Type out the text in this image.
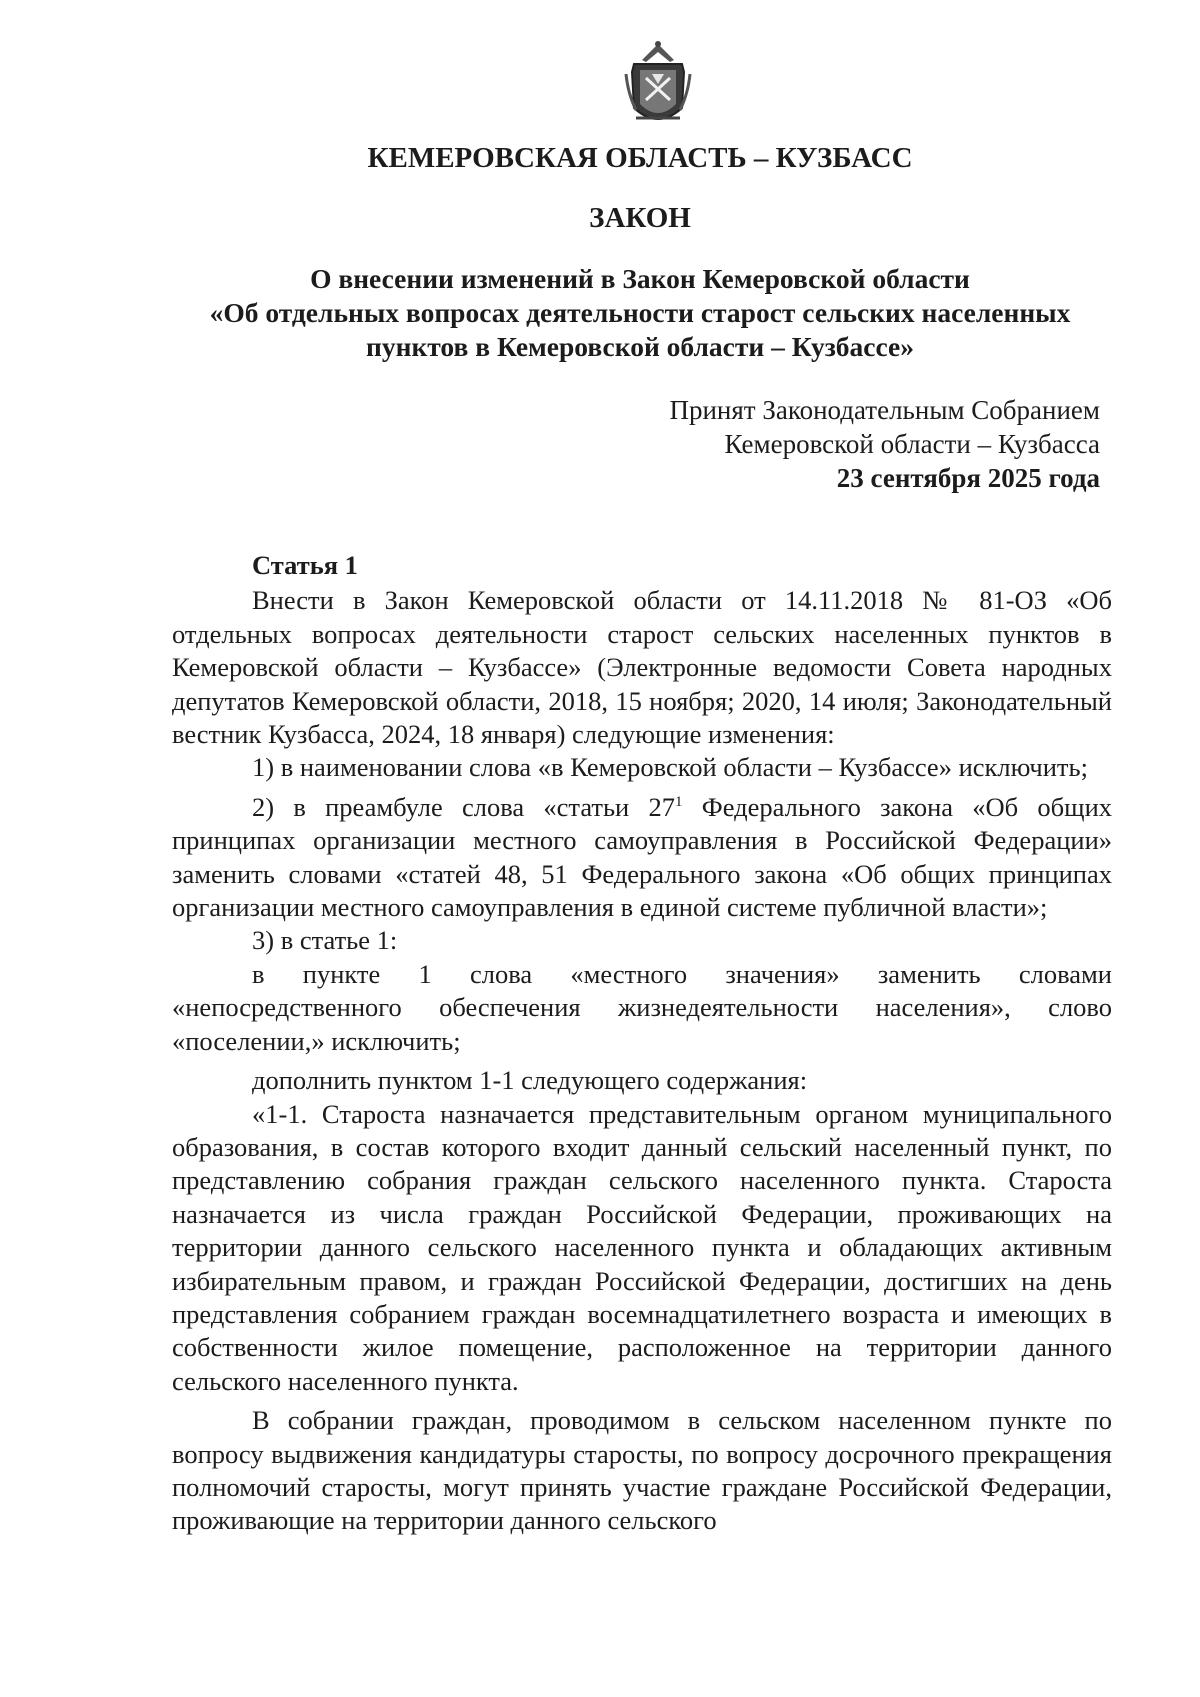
КЕМЕРОВСКАЯ ОБЛАСТЬ – КУЗБАСС
ЗАКОН
О внесении изменений в Закон Кемеровской области
«Об отдельных вопросах деятельности старост сельских населенных
пунктов в Кемеровской области – Кузбассе»
Принят Законодательным Собранием
Кемеровской области – Кузбасса
23 сентября 2025 года

Статья 1

Внести в Закон Кемеровской области от 14.11.2018 № 81-ОЗ «Об отдельных вопросах деятельности старост сельских населенных пунктов в Кемеровской области – Кузбассе» (Электронные ведомости Совета народных депутатов Кемеровской области, 2018, 15 ноября; 2020, 14 июля; Законодательный вестник Кузбасса, 2024, 18 января) следующие изменения:

1) в наименовании слова «в Кемеровской области – Кузбассе» исключить;

2) в преамбуле слова «статьи $27^1$ Федерального закона «Об общих принципах организации местного самоуправления в Российской Федерации» заменить словами «статей 48, 51 Федерального закона «Об общих принципах организации местного самоуправления в единой системе публичной власти»;

3) в статье 1:

в пункте 1 слова «местного значения» заменить словами «непосредственного обеспечения жизнедеятельности населения», слово «поселении,» исключить;

дополнить пунктом 1-1 следующего содержания:

«1-1. Староста назначается представительным органом муниципального образования, в состав которого входит данный сельский населенный пункт, по представлению собрания граждан сельского населенного пункта. Староста назначается из числа граждан Российской Федерации, проживающих на территории данного сельского населенного пункта и обладающих активным избирательным правом, и граждан Российской Федерации, достигших на день представления собранием граждан восемнадцатилетнего возраста и имеющих в собственности жилое помещение, расположенное на территории данного сельского населенного пункта.

В собрании граждан, проводимом в сельском населенном пункте по вопросу выдвижения кандидатуры старосты, по вопросу досрочного прекращения полномочий старосты, могут принять участие граждане Российской Федерации, проживающие на территории данного сельского
